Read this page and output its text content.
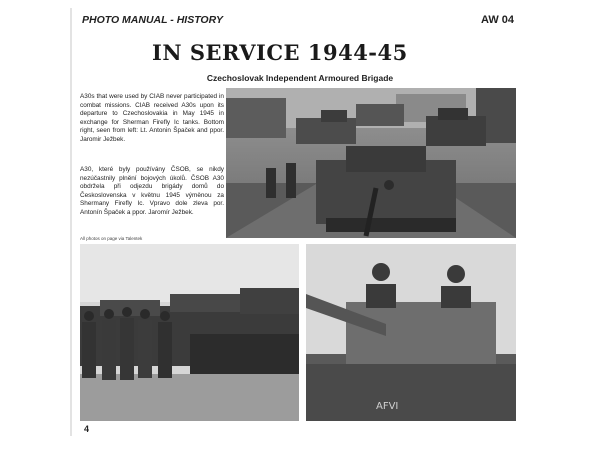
PHOTO MANUAL - HISTORY	AW 04
IN SERVICE 1944-45
Czechoslovak Independent Armoured Brigade
A30s that were used by CIAB never participated in combat missions. CIAB received A30s upon its departure to Czechoslovakia in May 1945 in exchange for Sherman Firefly Ic tanks. Bottom right, seen from left: Lt. Antonin Špaček and ppor. Jaromir Ježbek.
A30, které byly používány ČSOB, se nikdy nezúčastnily plnění bojových úkolů. ČSOB A30 obdržela při odjezdu brigády domů do Československa v květnu 1945 výměnou za Shermany Firefly Ic. Vpravo dole zleva por. Antonín Špaček a ppor. Jaromír Ježbek.
All photos on page via Talentek
AFVI
4
